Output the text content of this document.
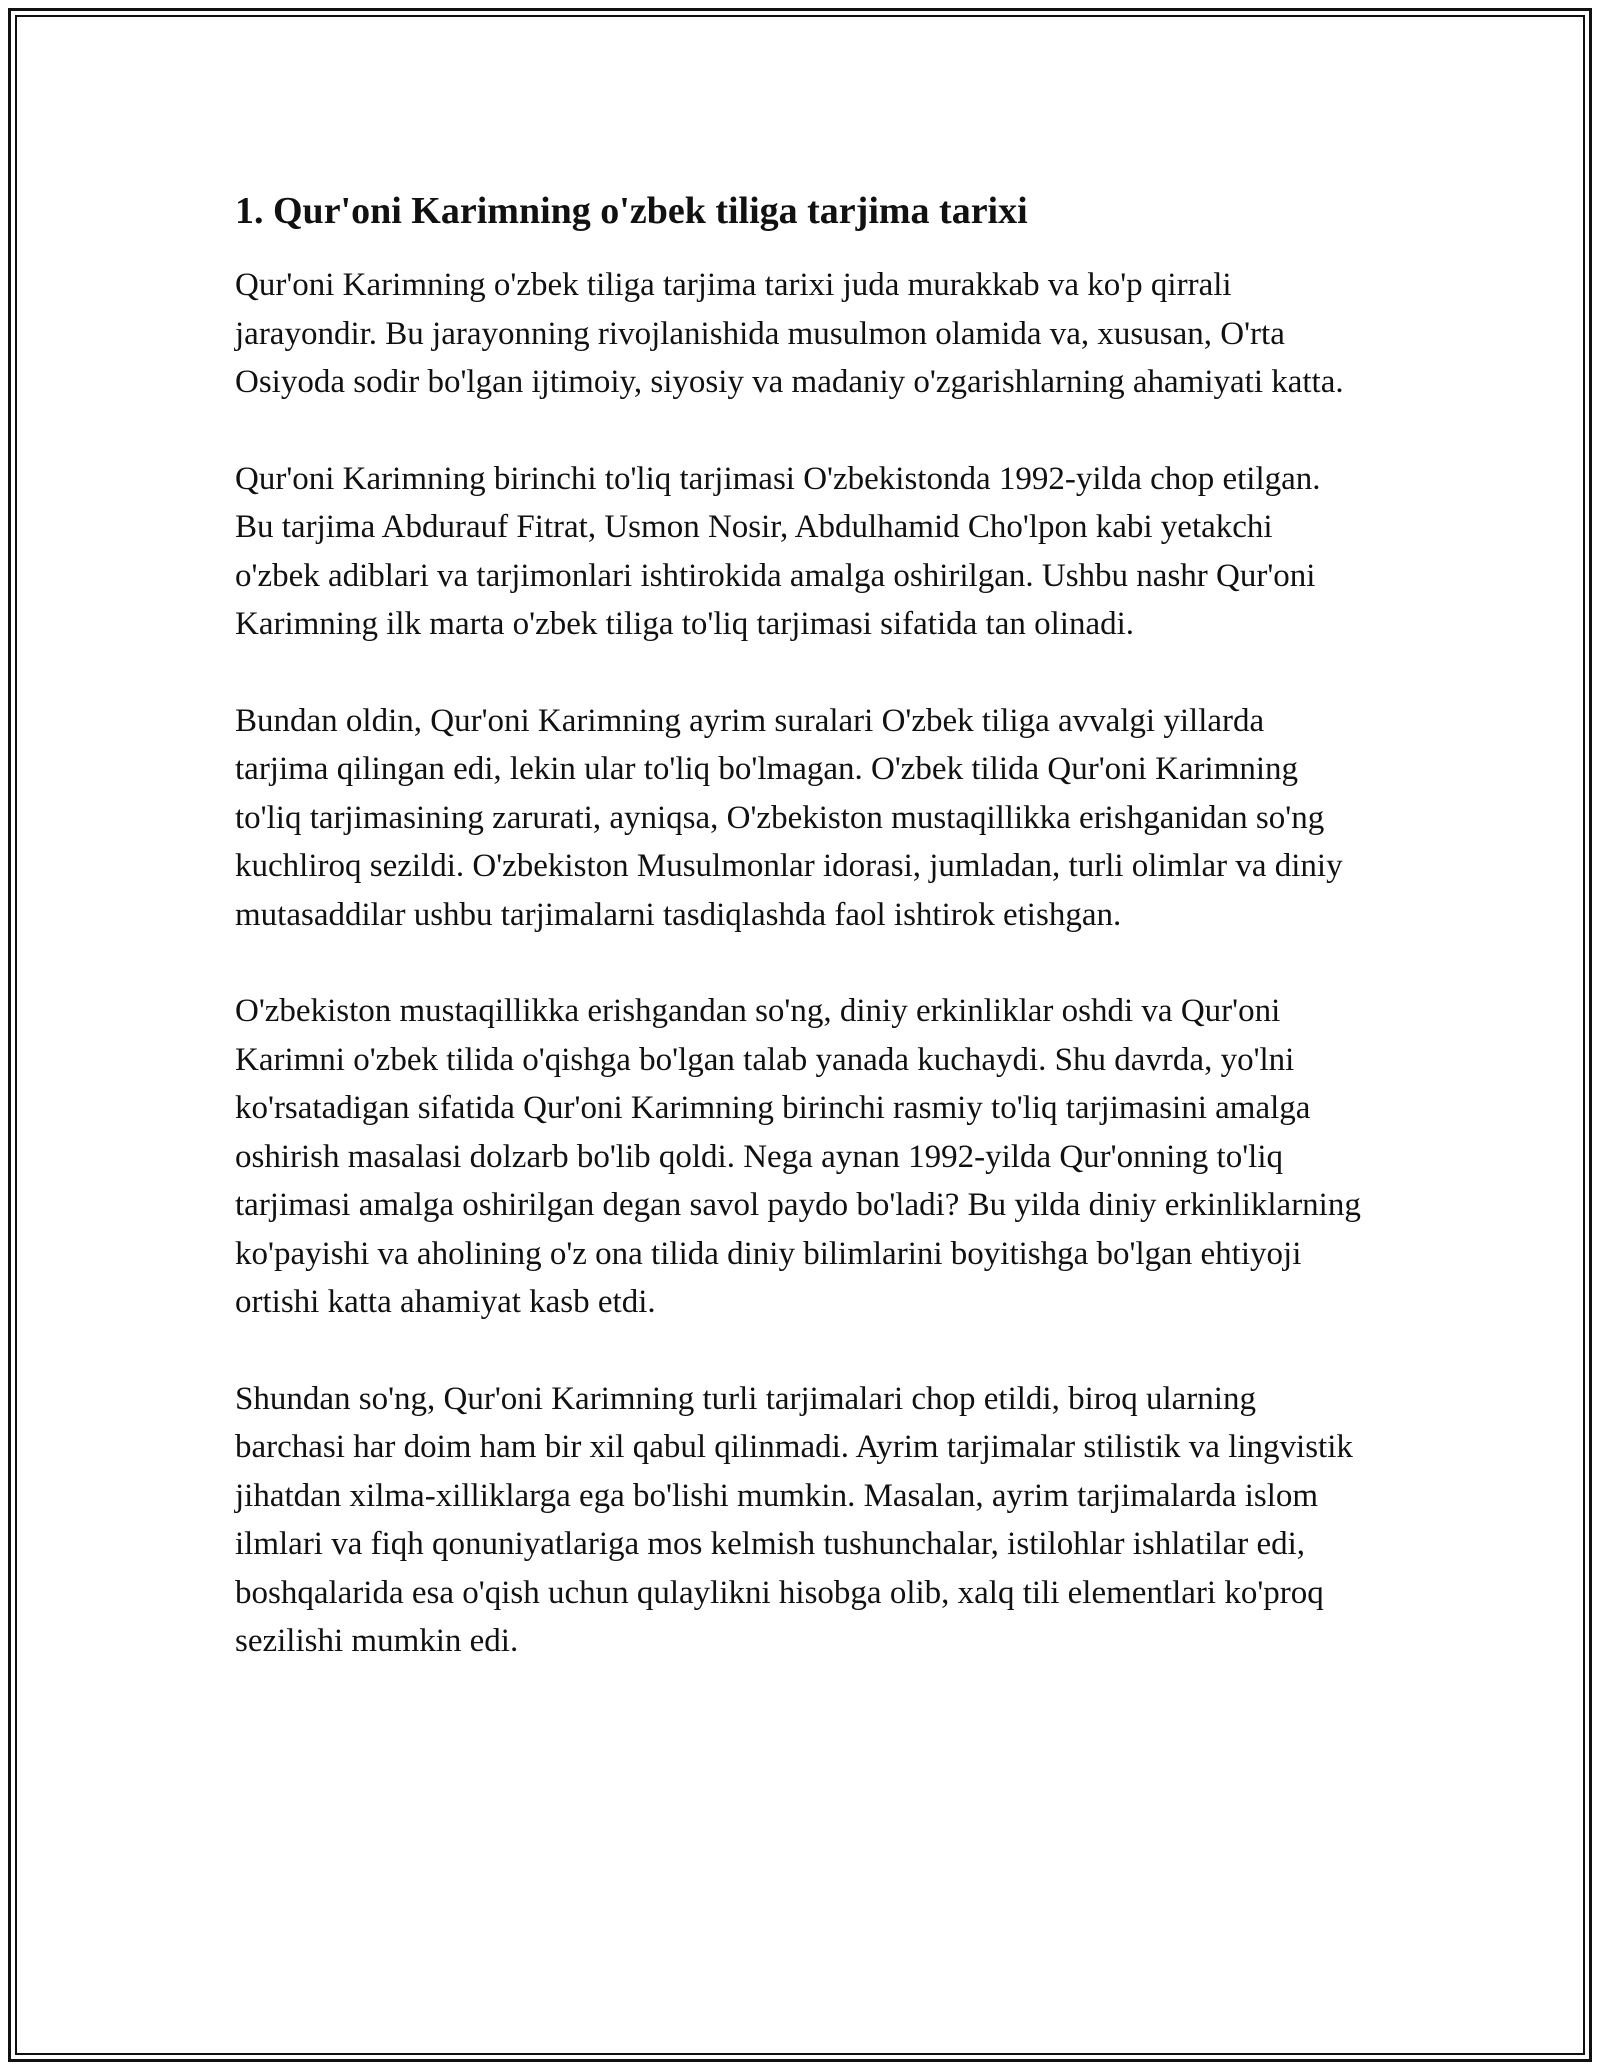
1. Qur'oni Karimning o'zbek tiliga tarjima tarixi

Qur'oni Karimning o'zbek tiliga tarjima tarixi juda murakkab va ko'p qirrali jarayondir. Bu jarayonning rivojlanishida musulmon olamida va, xususan, O'rta Osiyoda sodir bo'lgan ijtimoiy, siyosiy va madaniy o'zgarishlarning ahamiyati katta.

Qur'oni Karimning birinchi to'liq tarjimasi O'zbekistonda 1992-yilda chop etilgan. Bu tarjima Abdurauf Fitrat, Usmon Nosir, Abdulhamid Cho'lpon kabi yetakchi o'zbek adiblari va tarjimonlari ishtirokida amalga oshirilgan. Ushbu nashr Qur'oni Karimning ilk marta o'zbek tiliga to'liq tarjimasi sifatida tan olinadi.

Bundan oldin, Qur'oni Karimning ayrim suralari O'zbek tiliga avvalgi yillarda tarjima qilingan edi, lekin ular to'liq bo'lmagan. O'zbek tilida Qur'oni Karimning to'liq tarjimasining zarurati, ayniqsa, O'zbekiston mustaqillikka erishganidan so'ng kuchliroq sezildi. O'zbekiston Musulmonlar idorasi, jumladan, turli olimlar va diniy mutasaddilar ushbu tarjimalarni tasdiqlashda faol ishtirok etishgan.

O'zbekiston mustaqillikka erishgandan so'ng, diniy erkinliklar oshdi va Qur'oni Karimni o'zbek tilida o'qishga bo'lgan talab yanada kuchaydi. Shu davrda, yo'lni ko'rsatadigan sifatida Qur'oni Karimning birinchi rasmiy to'liq tarjimasini amalga oshirish masalasi dolzarb bo'lib qoldi. Nega aynan 1992-yilda Qur'onning to'liq tarjimasi amalga oshirilgan degan savol paydo bo'ladi? Bu yilda diniy erkinliklarning ko'payishi va aholining o'z ona tilida diniy bilimlarini boyitishga bo'lgan ehtiyoji ortishi katta ahamiyat kasb etdi.

Shundan so'ng, Qur'oni Karimning turli tarjimalari chop etildi, biroq ularning barchasi har doim ham bir xil qabul qilinmadi. Ayrim tarjimalar stilistik va lingvistik jihatdan xilma-xilliklarga ega bo'lishi mumkin. Masalan, ayrim tarjimalarda islom ilmlari va fiqh qonuniyatlariga mos kelmish tushunchalar, istilohlar ishlatilar edi, boshqalarida esa o'qish uchun qulaylikni hisobga olib, xalq tili elementlari ko'proq sezilishi mumkin edi.
